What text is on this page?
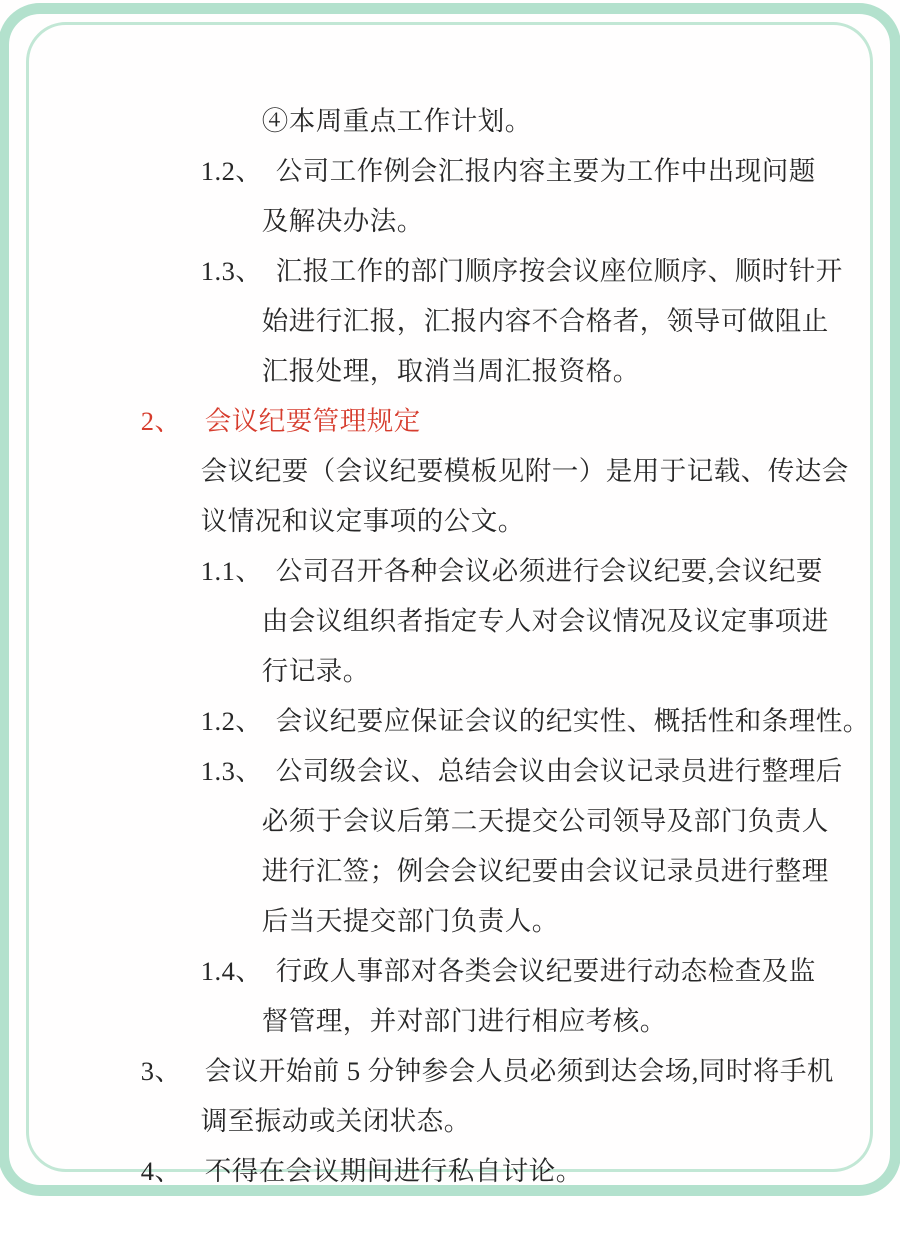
④本周重点工作计划。

1.2、 公司工作例会汇报内容主要为工作中出现问题

及解决办法。

1.3、 汇报工作的部门顺序按会议座位顺序、顺时针开

始进行汇报，汇报内容不合格者，领导可做阻止

汇报处理，取消当周汇报资格。

2、 会议纪要管理规定

会议纪要（会议纪要模板见附一）是用于记载、传达会

议情况和议定事项的公文。

1.1、 公司召开各种会议必须进行会议纪要,会议纪要

由会议组织者指定专人对会议情况及议定事项进

行记录。

1.2、 会议纪要应保证会议的纪实性、概括性和条理性。

1.3、 公司级会议、总结会议由会议记录员进行整理后

必须于会议后第二天提交公司领导及部门负责人

进行汇签；例会会议纪要由会议记录员进行整理

后当天提交部门负责人。

1.4、 行政人事部对各类会议纪要进行动态检查及监

督管理，并对部门进行相应考核。

3、 会议开始前 5 分钟参会人员必须到达会场,同时将手机

调至振动或关闭状态。

4、 不得在会议期间进行私自讨论。
